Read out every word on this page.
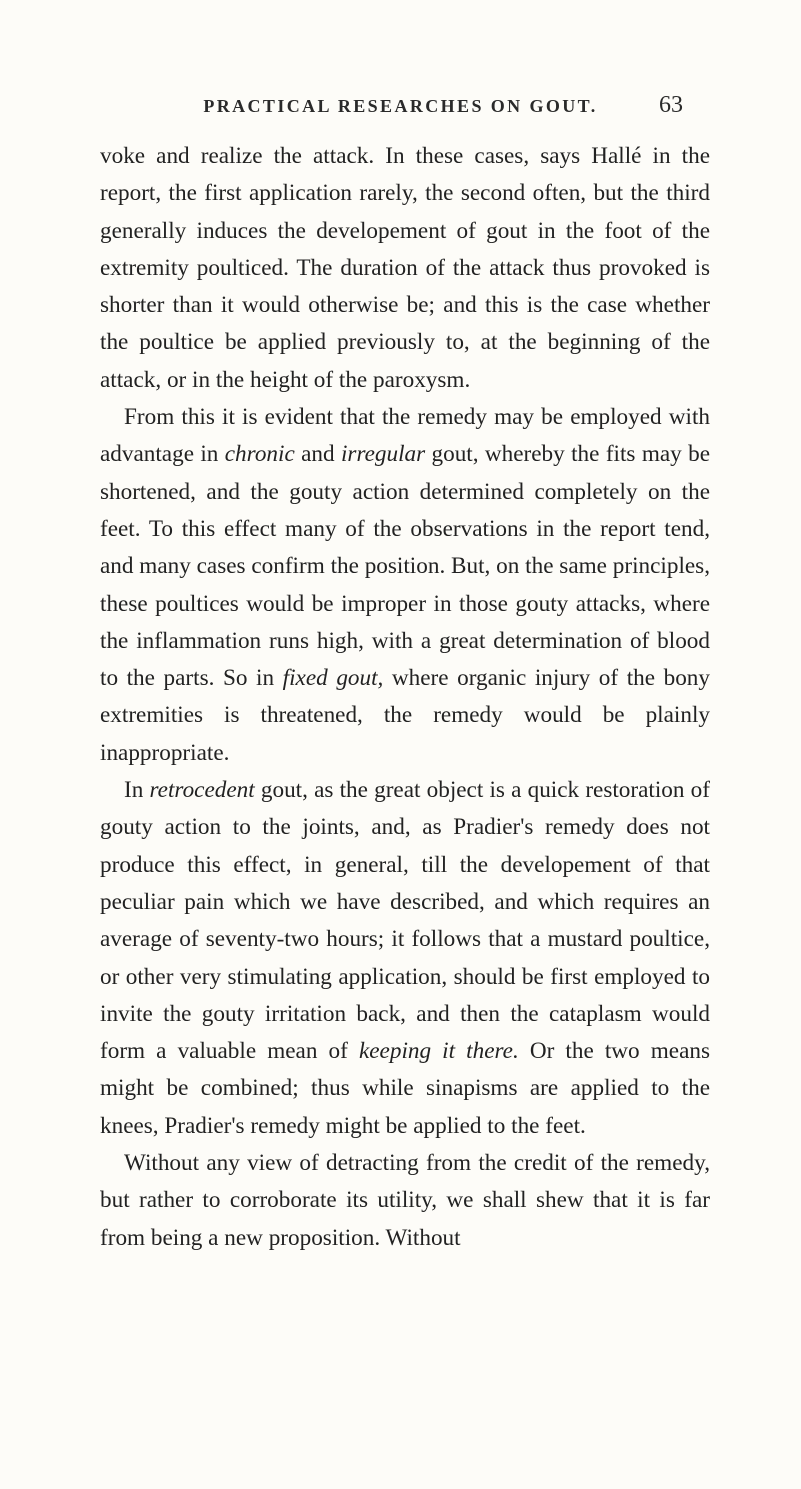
PRACTICAL RESEARCHES ON GOUT.	63

voke and realize the attack. In these cases, says Hallé in the report, the first application rarely, the second often, but the third generally induces the developement of gout in the foot of the extremity poulticed. The duration of the attack thus provoked is shorter than it would otherwise be; and this is the case whether the poultice be applied previously to, at the beginning of the attack, or in the height of the paroxysm.

From this it is evident that the remedy may be employed with advantage in chronic and irregular gout, whereby the fits may be shortened, and the gouty action determined completely on the feet. To this effect many of the observations in the report tend, and many cases confirm the position. But, on the same principles, these poultices would be improper in those gouty attacks, where the inflammation runs high, with a great determination of blood to the parts. So in fixed gout, where organic injury of the bony extremities is threatened, the remedy would be plainly inappropriate.

In retrocedent gout, as the great object is a quick restoration of gouty action to the joints, and, as Pradier's remedy does not produce this effect, in general, till the developement of that peculiar pain which we have described, and which requires an average of seventy-two hours; it follows that a mustard poultice, or other very stimulating application, should be first employed to invite the gouty irritation back, and then the cataplasm would form a valuable mean of keeping it there. Or the two means might be combined; thus while sinapisms are applied to the knees, Pradier's remedy might be applied to the feet.

Without any view of detracting from the credit of the remedy, but rather to corroborate its utility, we shall shew that it is far from being a new proposition. Without
